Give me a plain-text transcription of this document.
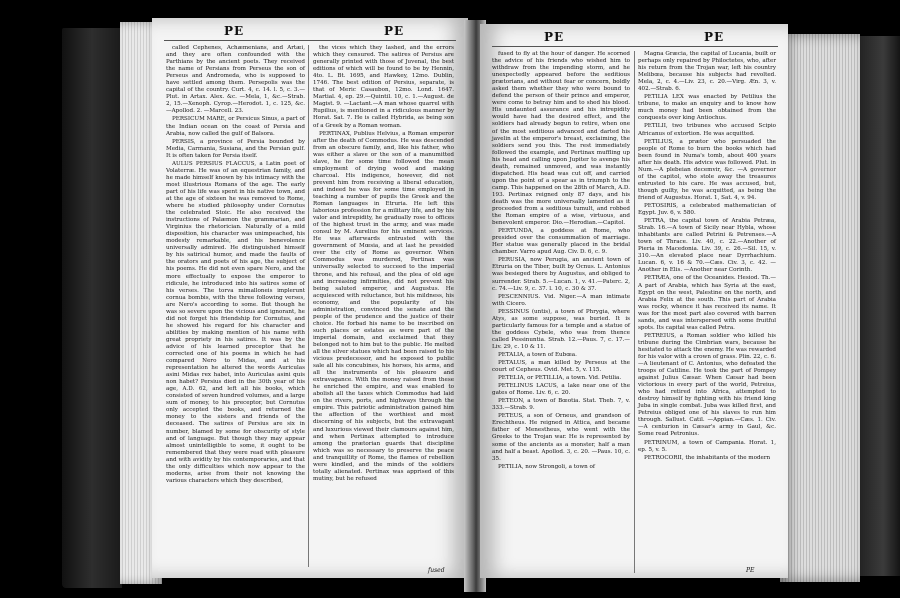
PE	PE

called Cephenes, Achæmenians, and Artæi, and they are often confounded with the Parthians by the ancient poets. They received the name of Persians from Perseus the son of Perseus and Andromeda, who is supposed to have settled among them. Persepolis was the capital of the country. Curt. 4, c. 14. l. 5, c. 3.—Plut. in Artax. Alex. &c. —Mela, 1, &c.—Strab. 2, 15.—Xenoph. Cyrop.—Herodot. 1, c. 125, &c.—Apollod. 2. —Marcell. 23.

PERSICUM MARE, or Persicus Sinus, a part of the Indian ocean on the coast of Persia and Arabia, now called the gulf of Balsora.

PERSIS, a province of Persia bounded by Media, Carmania, Susiana, and the Persian gulf. It is often taken for Persia itself.

AULUS PERSIUS FLACCUS, a Latin poet of Volaterræ. He was of an equestrian family, and he made himself known by his intimacy with the most illustrious Romans of the age. The early part of his life was spent in his native town, and at the age of sixteen he was removed to Rome, where he studied philosophy under Cornutus the celebrated Stoic. He also received the instructions of Palæmon the grammarian, and Virginius the rhetorician. Naturally of a mild disposition, his character was unimpeached, his modesty remarkable, and his benevolence universally admired. He distinguished himself by his satirical humor, and made the faults of the orators and poets of his age, the subject of his poems. He did not even spare Nero, and the more effectually to expose the emperor to ridicule, he introduced into his satires some of his verses. The torva mimalloneis implerunt cornua bombis, with the three following verses, are Nero's according to some. But though he was so severe upon the vicious and ignorant, he did not forget his friendship for Cornutus, and he showed his regard for his character and abilities by making mention of his name with great propriety in his satires. It was by the advice of his learned preceptor that he corrected one of his poems in which he had compared Nero to Midas, and at his representation he altered the words Auriculas asini Midas rex habet, into Auriculas asini quis non habet? Persius died in the 30th year of his age, A.D. 62, and left all his books, which consisted of seven hundred volumes, and a large sum of money, to his preceptor, but Cornutus only accepted the books, and returned the money to the sisters and friends of the deceased. The satires of Persius are six in number, blamed by some for obscurity of style and of language. But though they may appear almost unintelligible to some, it ought to be remembered that they were read with pleasure and with avidity by his contemporaries, and that the only difficulties which now appear to the moderns, arise from their not knowing the various characters which they described,

the vices which they lashed, and the errors which they censured. The satires of Persius are generally printed with those of Juvenal, the best editions of which will be found to be by Hennin, 4to. L. Bt. 1695, and Hawkey, 12mo. Dublin, 1746. The best edition of Persius, separate, is that of Meric Casaubon, 12mo. Lond. 1647. Martial. 4, ep. 29.—Quintil. 10, c. 1.—August. de Magist. 9. —Lactant.—A man whose quarrel with Rupilius, is mentioned in a ridiculous manner by Horat. Sat. 7. He is called Hybrida, as being son of a Greek by a Roman woman.

PERTINAX, Publius Helvius, a Roman emperor after the death of Commodus. He was descended from an obscure family, and, like his father, who was either a slave or the son of a manumitted slave, he for some time followed the mean employment of drying wood and making charcoal. His indigence, however, did not prevent him from receiving a liberal education, and indeed he was for some time employed in teaching a number of pupils the Greek and the Roman languages in Etruria. He left this laborious profession for a military life, and by his valor and intrepidity, he gradually rose to offices of the highest trust in the army, and was made consul by M. Aurelius for his eminent services. He was afterwards entrusted with the government of Mœsia, and at last he presided over the city of Rome as governor. When Commodus was murdered, Pertinax was universally selected to succeed to the imperial throne, and his refusal, and the plea of old age and increasing infirmities, did not prevent his being saluted emperor, and Augustus. He acquiesced with reluctance, but his mildness, his economy, and the popularity of his administration, convinced the senate and the people of the prudence and the justice of their choice. He forbad his name to be inscribed on such places or estates as were part of the imperial domain, and exclaimed that they belonged not to him but to the public. He melted all the silver statues which had been raised to his vicious predecessor, and he exposed to public sale all his concubines, his horses, his arms, and all the instruments of his pleasure and extravagance. With the money raised from these he enriched the empire, and was enabled to abolish all the taxes which Commodus had laid on the rivers, ports, and highways through the empire. This patriotic administration gained him the affection of the worthiest and most discerning of his subjects, but the extravagant and luxurious viewed their clamours against him, and when Pertinax attempted to introduce among the prætorian guards that discipline which was so necessary to preserve the peace and tranquillity of Rome, the flames of rebellion were kindled, and the minds of the soldiers totally alienated. Pertinax was apprised of this mutiny, but he refused

fused
PE	PE

fused to fly at the hour of danger. He scorned the advice of his friends who wished him to withdraw from the impending storm, and he unexpectedly appeared before the seditious prætorians, and without fear or concern, boldly asked them whether they who were bound to defend the person of their prince and emperor, were come to betray him and to shed his blood. His undaunted assurance and his intrepidity would have had the desired effect, and the soldiers had already begun to retire, when one of the most seditious advanced and darted his javelin at the emperor's breast, exclaiming, the soldiers send you this. The rest immediately followed the example, and Pertinax muffling up his head and calling upon Jupiter to avenge his death, remained unmoved, and was instantly dispatched. His head was cut off, and carried upon the point of a spear as in triumph to the camp. This happened on the 28th of March, A.D. 193. Pertinax reigned only 87 days, and his death was the more universally lamented as it proceeded from a seditious tumult, and robbed the Roman empire of a wise, virtuous, and benevolent emperor. Dio.—Herodian.—Capitol.

PERTUNDA, a goddess at Rome, who presided over the consummation of marriage. Her statue was generally placed in the bridal chamber. Varro apud Aug. Civ. D. 6, c. 9.

PERUSIA, now Perugia, an ancient town of Etruria on the Tiber, built by Ocnus. L. Antonius was besieged there by Augustus, and obliged to surrender. Strab. 5.—Lucan. 1, v. 41.—Paterc. 2, c. 74.—Liv. 9, c. 37. l. 10, c. 30 & 37.

PESCENNIUS. Vid. Niger.—A man intimate with Cicero.

PESSINUS (untis), a town of Phrygia, where Atys, as some suppose, was buried. It is particularly famous for a temple and a statue of the goddess Cybele, who was from thence called Pessinuntia. Strab. 12.—Paus. 7, c. 17.—Liv. 29, c. 10 & 11.

PETALIA, a town of Eubœa.

PETALUS, a man killed by Perseus at the court of Cepheus. Ovid. Met. 5, v. 115.

PETELIA, or PETILLIA, a town. Vid. Petilia.

PETELINUS LACUS, a lake near one of the gates of Rome. Liv. 6, c. 20.

PETEON, a town of Bœotia. Stat. Theb. 7, v. 333.—Strab. 9.

PETEUS, a son of Orneus, and grandson of Erechtheus. He reigned in Attica, and became father of Menestheus, who went with the Greeks to the Trojan war. He is represented by some of the ancients as a monster, half a man and half a beast. Apollod. 3, c. 20. —Paus. 10, c. 35.

PETILIA, now Strongoli, a town of

Magna Græcia, the capital of Lucania, built or perhaps only repaired by Philoctetes, who, after his return from the Trojan war, left his country Melibœa, because his subjects had revolted. Mela, 2, c. 4.—Liv. 23, c. 20.—Virg. Æn. 3, v. 402.—Strab. 6.

PETILIA LEX was enacted by Petilius the tribune, to make an enquiry and to know how much money had been obtained from the conquests over king Antiochus.

PETILII, two tribunes who accused Scipio Africanus of extortion. He was acquitted.

PETILIUS, a prætor who persuaded the people of Rome to burn the books which had been found in Numa's tomb, about 400 years after his death. His advice was followed. Plut. in Num.—A plebeian decemvir, &c. —A governor of the capitol, who stole away the treasures entrusted to his care. He was accused, but, though guilty, he was acquitted, as being the friend of Augustus. Horat. 1, Sat. 4, v. 94.

PETOSIRIS, a celebrated mathematician of Egypt. Juv. 6, v. 580.

PETRA, the capital town of Arabia Petræa, Strab. 16.—A town of Sicily near Hybla, whose inhabitants are called Petrini & Petrenses.—A town of Thrace. Liv. 40, c. 22.—Another of Pieria in Macedonia. Liv. 39, c. 26.—Sil. 15, v. 310.—An elevated place near Dyrrhachium. Lucan. 6, v. 16 & 70.—Cæs. Civ. 3, c. 42. —Another in Elis. —Another near Corinth.

PETRÆA, one of the Oceanides. Hesiod. Th.—A part of Arabia, which has Syria at the east, Egypt on the west, Palestine on the north, and Arabia Felix at the south. This part of Arabia was rocky, whence it has received its name. It was for the most part also covered with barren sands, and was interspersed with some fruitful spots. Its capital was called Petra.

PETREIUS, a Roman soldier who killed his tribune during the Cimbrian wars, because he hesitated to attack the enemy. He was rewarded for his valor with a crown of grass. Plin. 22, c. 6.—A lieutenant of C. Antonius, who defeated the troops of Catiline. He took the part of Pompey against Julius Cæsar. When Cæsar had been victorious in every part of the world, Petreius, who had retired into Africa, attempted to destroy himself by fighting with his friend king Juba in single combat. Juba was killed first, and Petreius obliged one of his slaves to run him through. Sallust. Catil. —Appian.—Cæs. 1. Civ.—A centurion in Cæsar's army in Gaul, &c. Some read Petronius.

PETRINUM, a town of Campania. Horat. 1, ep. 5, v. 5.

PETROCORII, the inhabitants of the modern

PE
